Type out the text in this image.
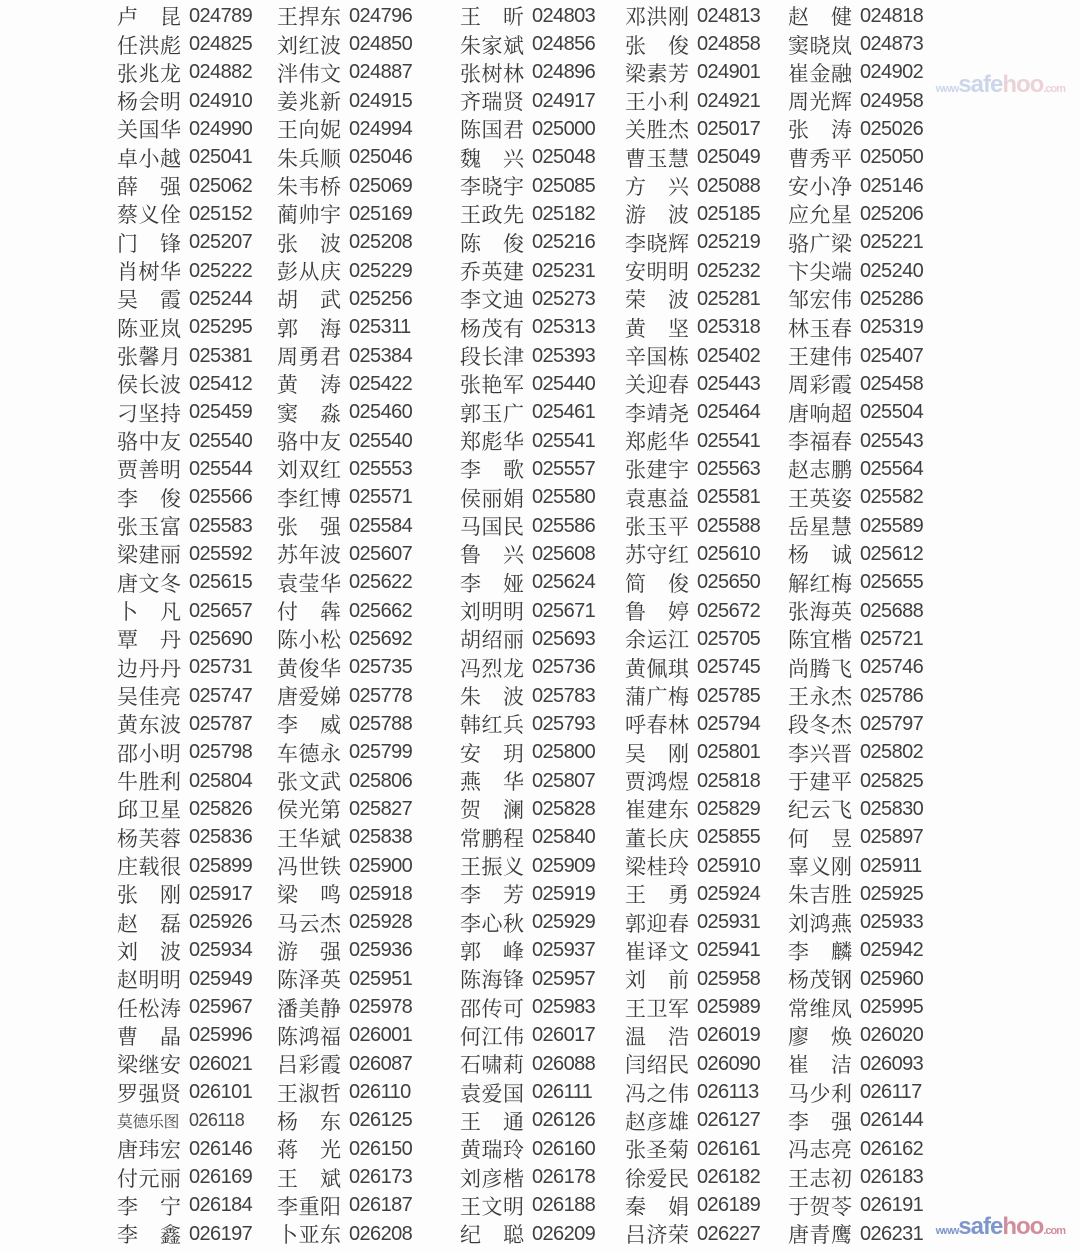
卢　昆 024789 王捍东 024796 王　昕 024803 邓洪刚 024813 赵　健 024818
任洪彪 024825 刘红波 024850 朱家斌 024856 张　俊 024858 窦晓岚 024873
张兆龙 024882 泮伟文 024887 张树林 024896 梁素芳 024901 崔金融 024902
杨会明 024910 姜兆新 024915 齐瑞贤 024917 王小利 024921 周光辉 024958
关国华 024990 王向妮 024994 陈国君 025000 关胜杰 025017 张　涛 025026
卓小越 025041 朱兵顺 025046 魏　兴 025048 曹玉慧 025049 曹秀平 025050
薛　强 025062 朱韦桥 025069 李晓宇 025085 方　兴 025088 安小净 025146
蔡义佺 025152 蔺帅宇 025169 王政先 025182 游　波 025185 应允星 025206
门　锋 025207 张　波 025208 陈　俊 025216 李晓辉 025219 骆广梁 025221
肖树华 025222 彭从庆 025229 乔英建 025231 安明明 025232 卞尖端 025240
吴　霞 025244 胡　武 025256 李文迪 025273 荣　波 025281 邹宏伟 025286
陈亚岚 025295 郭　海 025311 杨茂有 025313 黄　坚 025318 林玉春 025319
张馨月 025381 周勇君 025384 段长津 025393 辛国栋 025402 王建伟 025407
侯长波 025412 黄　涛 025422 张艳军 025440 关迎春 025443 周彩霞 025458
刁坚持 025459 窦　淼 025460 郭玉广 025461 李靖尧 025464 唐响超 025504
骆中友 025540 骆中友 025540 郑彪华 025541 郑彪华 025541 李福春 025543
贾善明 025544 刘双红 025553 李　歌 025557 张建宇 025563 赵志鹏 025564
李　俊 025566 李红博 025571 侯丽娟 025580 袁惠益 025581 王英姿 025582
张玉富 025583 张　强 025584 马国民 025586 张玉平 025588 岳星慧 025589
梁建丽 025592 苏年波 025607 鲁　兴 025608 苏守红 025610 杨　诚 025612
唐文冬 025615 袁莹华 025622 李　娅 025624 简　俊 025650 解红梅 025655
卜　凡 025657 付　犇 025662 刘明明 025671 鲁　婷 025672 张海英 025688
覃　丹 025690 陈小松 025692 胡绍丽 025693 余运江 025705 陈宜楷 025721
边丹丹 025731 黄俊华 025735 冯烈龙 025736 黄佩琪 025745 尚腾飞 025746
吴佳亮 025747 唐爱娣 025778 朱　波 025783 蒲广梅 025785 王永杰 025786
黄东波 025787 李　威 025788 韩红兵 025793 呼春林 025794 段冬杰 025797
邵小明 025798 车德永 025799 安　玥 025800 吴　刚 025801 李兴晋 025802
牛胜利 025804 张文武 025806 燕　华 025807 贾鸿煜 025818 于建平 025825
邱卫星 025826 侯光第 025827 贺　澜 025828 崔建东 025829 纪云飞 025830
杨芙蓉 025836 王华斌 025838 常鹏程 025840 董长庆 025855 何　昱 025897
庄载很 025899 冯世铁 025900 王振义 025909 梁桂玲 025910 辜义刚 025911
张　刚 025917 梁　鸣 025918 李　芳 025919 王　勇 025924 朱吉胜 025925
赵　磊 025926 马云杰 025928 李心秋 025929 郭迎春 025931 刘鸿燕 025933
刘　波 025934 游　强 025936 郭　峰 025937 崔译文 025941 李　麟 025942
赵明明 025949 陈泽英 025951 陈海锋 025957 刘　前 025958 杨茂钢 025960
任松涛 025967 潘美静 025978 邵传可 025983 王卫军 025989 常维凤 025995
曹　晶 025996 陈鸿福 026001 何江伟 026017 温　浩 026019 廖　焕 026020
梁继安 026021 吕彩霞 026087 石啸莉 026088 闫绍民 026090 崔　洁 026093
罗强贤 026101 王淑哲 026110 袁爱国 026111 冯之伟 026113 马少利 026117
莫德乐图 026118 杨　东 026125 王　通 026126 赵彦雄 026127 李　强 026144
唐玮宏 026146 蒋　光 026150 黄瑞玲 026160 张圣菊 026161 冯志亮 026162
付元丽 026169 王　斌 026173 刘彦楷 026178 徐爱民 026182 王志初 026183
李　宁 026184 李重阳 026187 王文明 026188 秦　娟 026189 于贺苓 026191
李　鑫 026197 卜亚东 026208 纪　聪 026209 吕济荣 026227 唐青鹰 026231
www safe hoo .com
www safe hoo .com
